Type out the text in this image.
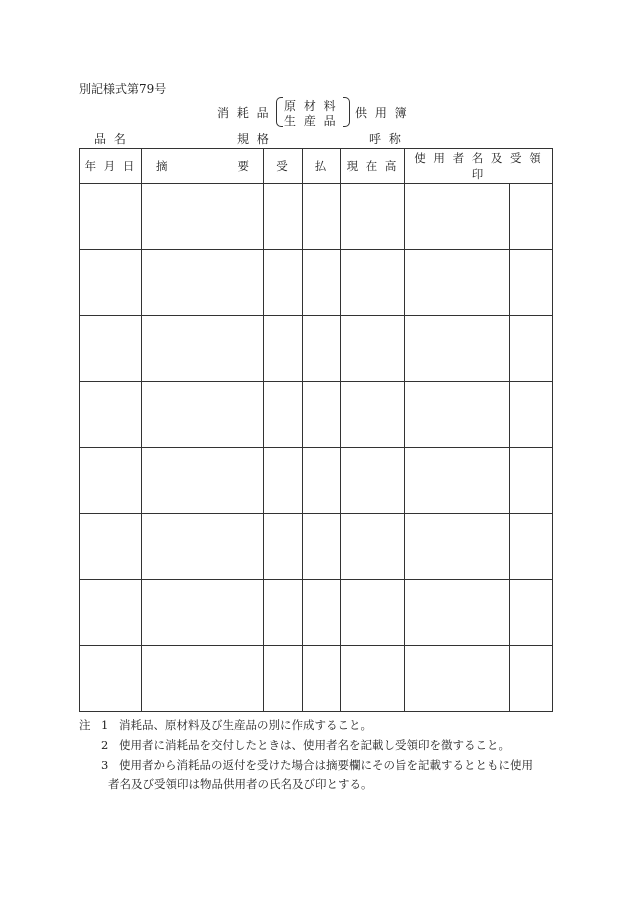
別記様式第79号
消 耗 品 原 材 料
生 産 品
供 用 簿
品 名	規 格	呼 称
年 月 日	摘 要	受	払	現 在 高	使 用 者 名 及 受 領 印	

注 1 消耗品、原材料及び生産品の別に作成すること。
2 使用者に消耗品を交付したときは、使用者名を記載し受領印を徴すること。
3 使用者から消耗品の返付を受けた場合は摘要欄にその旨を記載するとともに使用
者名及び受領印は物品供用者の氏名及び印とする。
